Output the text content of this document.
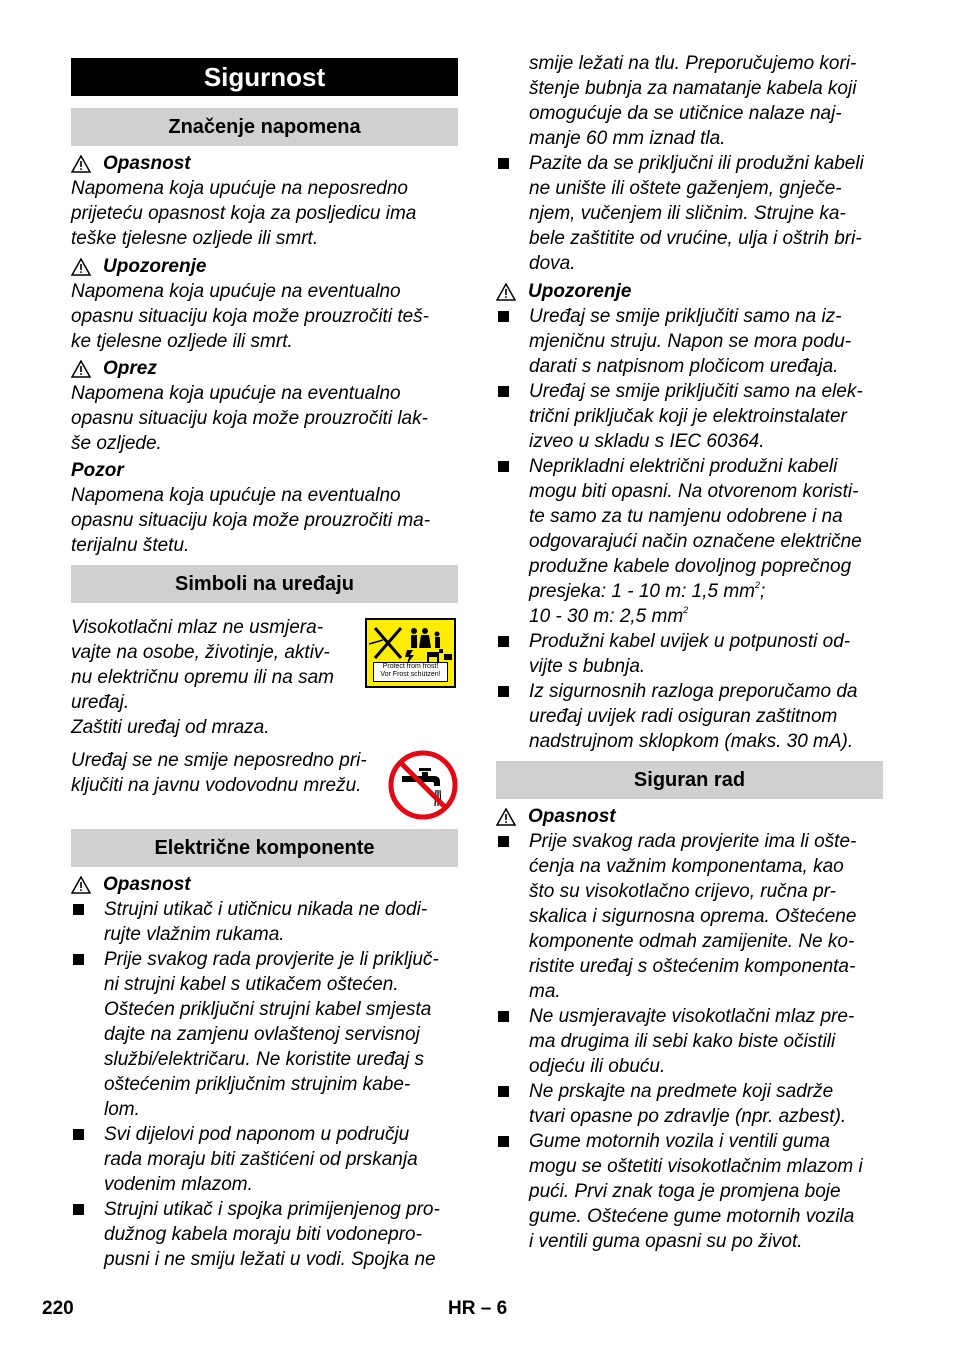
Sigurnost
Značenje napomena
Opasnost
Napomena koja upućuje na neposredno
prijeteću opasnost koja za posljedicu ima
teške tjelesne ozljede ili smrt.
Upozorenje
Napomena koja upućuje na eventualno
opasnu situaciju koja može prouzročiti teš-
ke tjelesne ozljede ili smrt.
Oprez
Napomena koja upućuje na eventualno
opasnu situaciju koja može prouzročiti lak-
še ozljede.
Pozor
Napomena koja upućuje na eventualno
opasnu situaciju koja može prouzročiti ma-
terijalnu štetu.
Simboli na uređaju
Visokotlačni mlaz ne usmjera-
vajte na osobe, životinje, aktiv-
nu električnu opremu ili na sam
uređaj.
Zaštiti uređaj od mraza.
Protect from frost!
Vor Frost schützen!
Uređaj se ne smije neposredno pri-
ključiti na javnu vodovodnu mrežu.
Električne komponente
Opasnost
Strujni utikač i utičnicu nikada ne dodi-
rujte vlažnim rukama.
Prije svakog rada provjerite je li priključ-
ni strujni kabel s utikačem oštećen.
Oštećen priključni strujni kabel smjesta
dajte na zamjenu ovlaštenoj servisnoj
službi/električaru. Ne koristite uređaj s
oštećenim priključnim strujnim kabe-
lom.
Svi dijelovi pod naponom u području
rada moraju biti zaštićeni od prskanja
vodenim mlazom.
Strujni utikač i spojka primijenjenog pro-
dužnog kabela moraju biti vodonepro-
pusni i ne smiju ležati u vodi. Spojka ne
smije ležati na tlu. Preporučujemo kori-
štenje bubnja za namatanje kabela koji
omogućuje da se utičnice nalaze naj-
manje 60 mm iznad tla.
Pazite da se priključni ili produžni kabeli
ne unište ili oštete gaženjem, gnječe-
njem, vučenjem ili sličnim. Strujne ka-
bele zaštitite od vrućine, ulja i oštrih bri-
dova.
Upozorenje
Uređaj se smije priključiti samo na iz-
mjeničnu struju. Napon se mora podu-
darati s natpisnom pločicom uređaja.
Uređaj se smije priključiti samo na elek-
trični priključak koji je elektroinstalater
izveo u skladu s IEC 60364.
Neprikladni električni produžni kabeli
mogu biti opasni. Na otvorenom koristi-
te samo za tu namjenu odobrene i na
odgovarajući način označene električne
produžne kabele dovoljnog poprečnog
presjeka: 1 - 10 m: 1,5 $mm^2$;
10 - 30 m: 2,5 $mm^2$
Produžni kabel uvijek u potpunosti od-
vijte s bubnja.
Iz sigurnosnih razloga preporučamo da
uređaj uvijek radi osiguran zaštitnom
nadstrujnom sklopkom (maks. 30 mA).
Siguran rad
Opasnost
Prije svakog rada provjerite ima li ošte-
ćenja na važnim komponentama, kao
što su visokotlačno crijevo, ručna pr-
skalica i sigurnosna oprema. Oštećene
komponente odmah zamijenite. Ne ko-
ristite uređaj s oštećenim komponenta-
ma.
Ne usmjeravajte visokotlačni mlaz pre-
ma drugima ili sebi kako biste očistili
odjeću ili obuću.
Ne prskajte na predmete koji sadrže
tvari opasne po zdravlje (npr. azbest).
Gume motornih vozila i ventili guma
mogu se oštetiti visokotlačnim mlazom i
pući. Prvi znak toga je promjena boje
gume. Oštećene gume motornih vozila
i ventili guma opasni su po život.
220	HR – 6
